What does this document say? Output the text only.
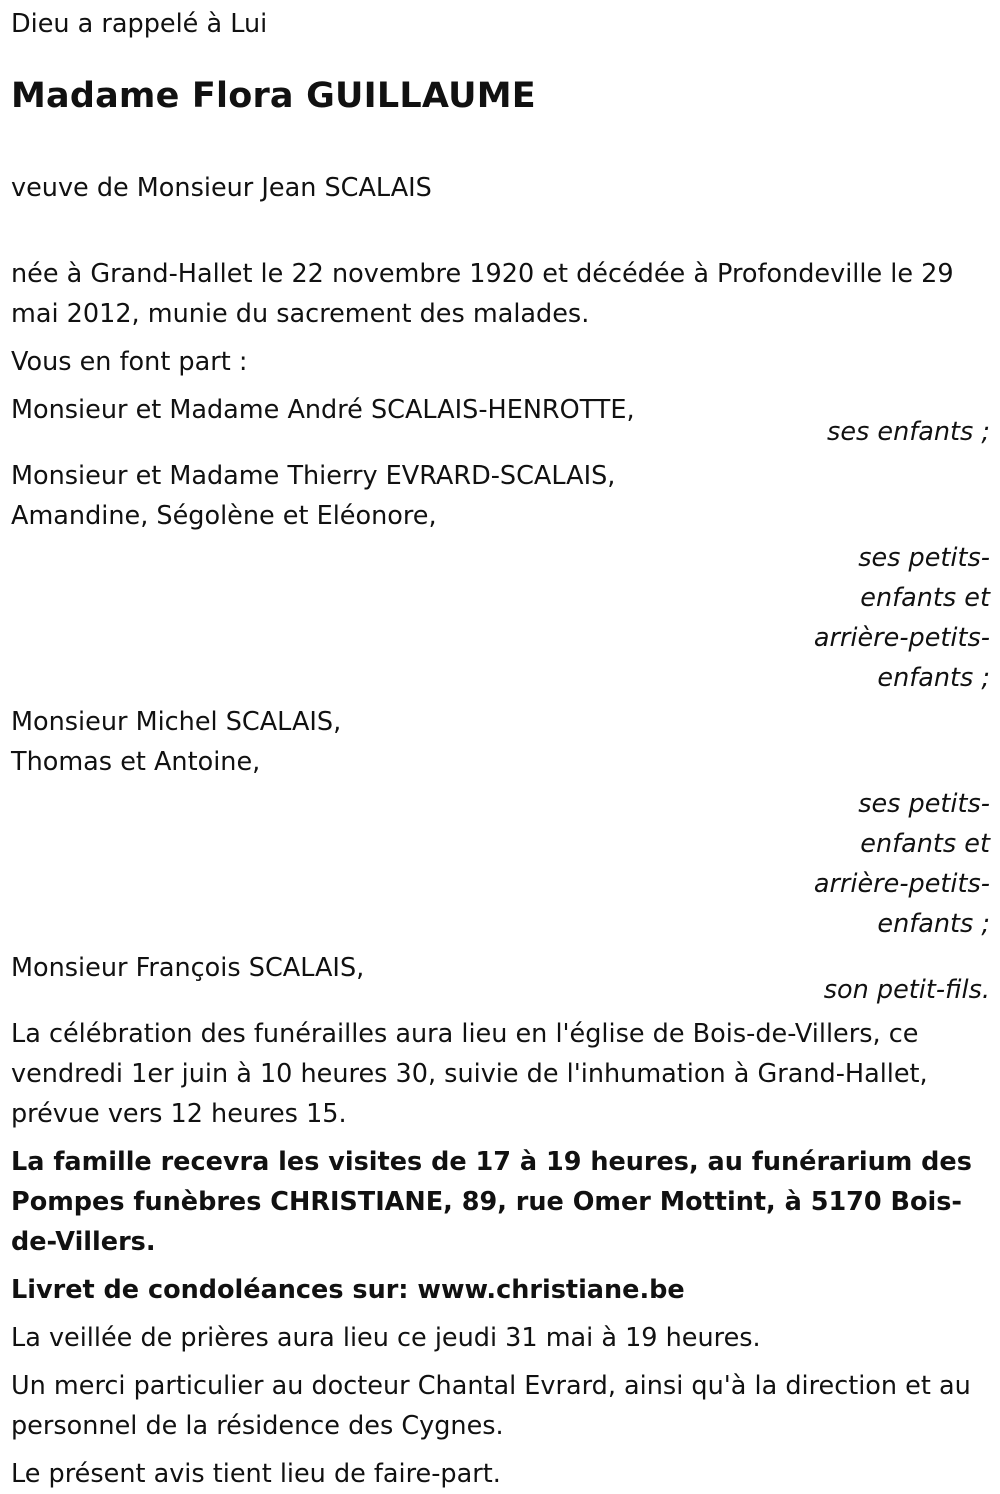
Dieu a rappelé à Lui
Madame Flora GUILLAUME
veuve de Monsieur Jean SCALAIS
née à Grand-Hallet le 22 novembre 1920 et décédée à Profondeville le 29 mai 2012, munie du sacrement des malades.
Vous en font part :
Monsieur et Madame André SCALAIS-HENROTTE,
ses enfants ;
Monsieur et Madame Thierry EVRARD-SCALAIS,
Amandine, Ségolène et Eléonore,
ses petits-enfants et arrière-petits-enfants ;
Monsieur Michel SCALAIS,
Thomas et Antoine,
ses petits-enfants et arrière-petits-enfants ;
Monsieur François SCALAIS,
son petit-fils.
La célébration des funérailles aura lieu en l'église de Bois-de-Villers, ce vendredi 1er juin à 10 heures 30, suivie de l'inhumation à Grand-Hallet, prévue vers 12 heures 15.
La famille recevra les visites de 17 à 19 heures, au funérarium des Pompes funèbres CHRISTIANE, 89, rue Omer Mottint, à 5170 Bois-de-Villers.
Livret de condoléances sur: www.christiane.be
La veillée de prières aura lieu ce jeudi 31 mai à 19 heures.
Un merci particulier au docteur Chantal Evrard, ainsi qu'à la direction et au personnel de la résidence des Cygnes.
Le présent avis tient lieu de faire-part.
